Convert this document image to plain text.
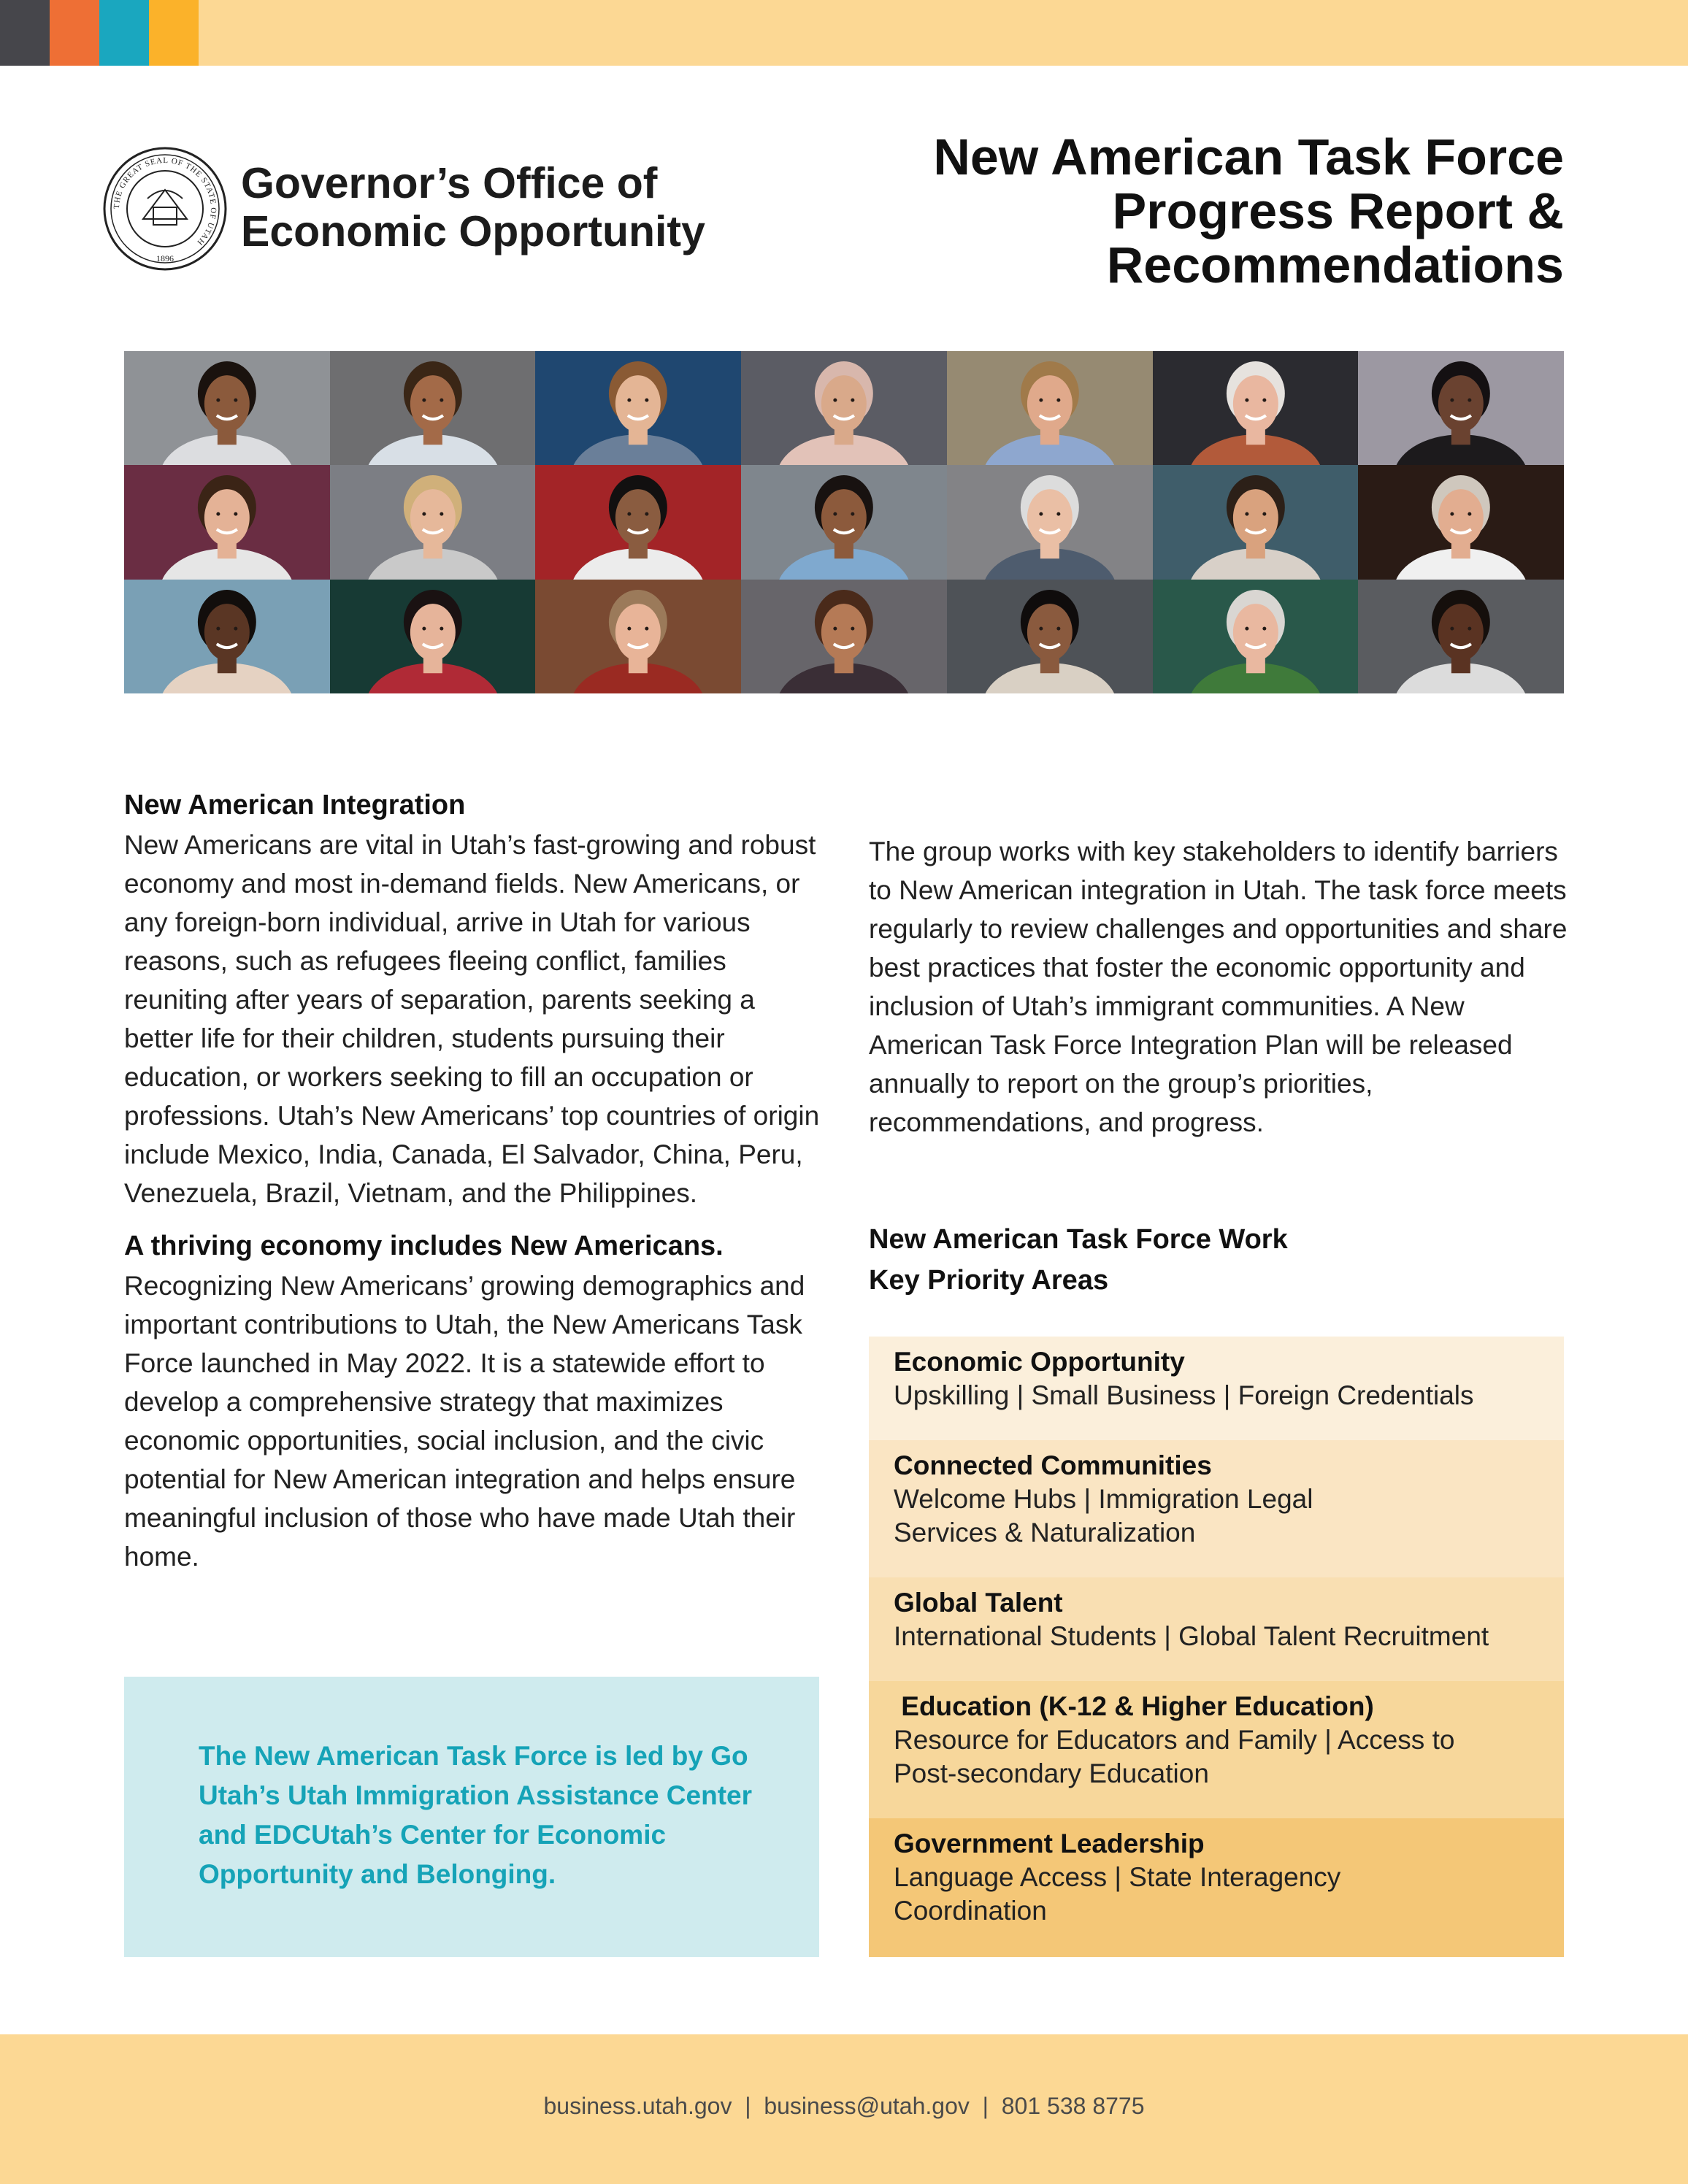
THE GREAT SEAL OF THE STATE OF UTAH
1896
Governor’s Office of
Economic Opportunity
New American Task Force
Progress Report &
Recommendations
New American Integration

New Americans are vital in Utah’s fast-growing and robust economy and most in-demand fields. New Americans, or any foreign-born individual, arrive in Utah for various reasons, such as refugees fleeing conflict, families reuniting after years of separation, parents seeking a better life for their children, students pursuing their education, or workers seeking to fill an occupation or professions. Utah’s New Americans’ top countries of origin include Mexico, India, Canada, El Salvador, China, Peru, Venezuela, Brazil, Vietnam, and the Philippines.

A thriving economy includes New Americans.

Recognizing New Americans’ growing demographics and important contributions to Utah, the New Americans Task Force launched in May 2022. It is a statewide effort to develop a comprehensive strategy that maximizes economic opportunities, social inclusion, and the civic potential for New American integration and helps ensure meaningful inclusion of those who have made Utah their home.

The New American Task Force is led by Go Utah’s Utah Immigration Assistance Center and EDCUtah’s Center for Economic Opportunity and Belonging.

The group works with key stakeholders to identify barriers to New American integration in Utah. The task force meets regularly to review challenges and opportunities and share best practices that foster the economic opportunity and inclusion of Utah’s immigrant communities. A New American Task Force Integration Plan will be released annually to report on the group’s priorities, recommendations, and progress.

New American Task Force Work
Key Priority Areas
Economic Opportunity
Upskilling | Small Business | Foreign Credentials
Connected Communities
Welcome Hubs | Immigration Legal
Services & Naturalization
Global Talent
International Students | Global Talent Recruitment
Education (K-12 & Higher Education)
Resource for Educators and Family | Access to
Post-secondary Education
Government Leadership
Language Access | State Interagency
Coordination
business.utah.gov  |  business@utah.gov  |  801 538 8775
